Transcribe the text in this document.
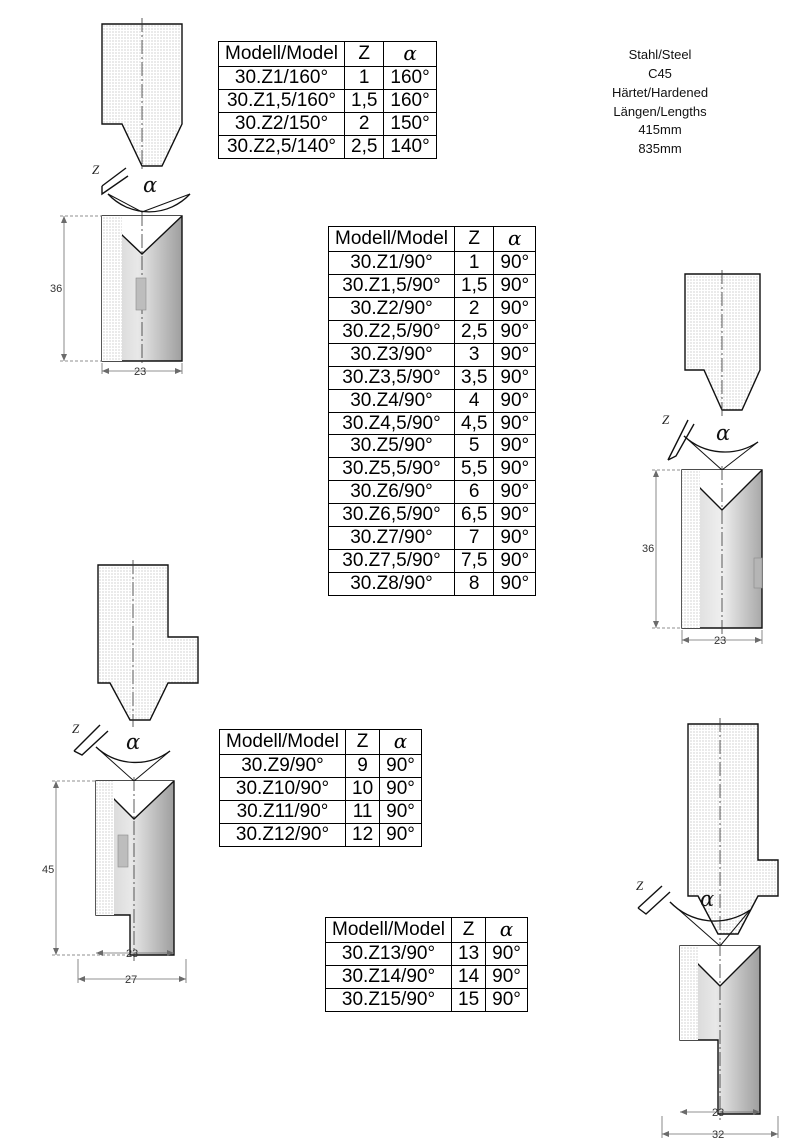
α
Z
36
23
Modell/Model	Z	α
30.Z1/160°	1	160°
30.Z1,5/160°	1,5	160°
30.Z2/150°	2	150°
30.Z2,5/140°	2,5	140°
Stahl/Steel
C45
Härtet/Hardened
Längen/Lengths
415mm
835mm
Modell/Model	Z	α
30.Z1/90°	1	90°
30.Z1,5/90°	1,5	90°
30.Z2/90°	2	90°
30.Z2,5/90°	2,5	90°
30.Z3/90°	3	90°
30.Z3,5/90°	3,5	90°
30.Z4/90°	4	90°
30.Z4,5/90°	4,5	90°
30.Z5/90°	5	90°
30.Z5,5/90°	5,5	90°
30.Z6/90°	6	90°
30.Z6,5/90°	6,5	90°
30.Z7/90°	7	90°
30.Z7,5/90°	7,5	90°
30.Z8/90°	8	90°
α
Z
36
23
α
Z
45
23
27
Modell/Model	Z	α
30.Z9/90°	9	90°
30.Z10/90°	10	90°
30.Z11/90°	11	90°
30.Z12/90°	12	90°
Modell/Model	Z	α
30.Z13/90°	13	90°
30.Z14/90°	14	90°
30.Z15/90°	15	90°
α
Z
23
32
